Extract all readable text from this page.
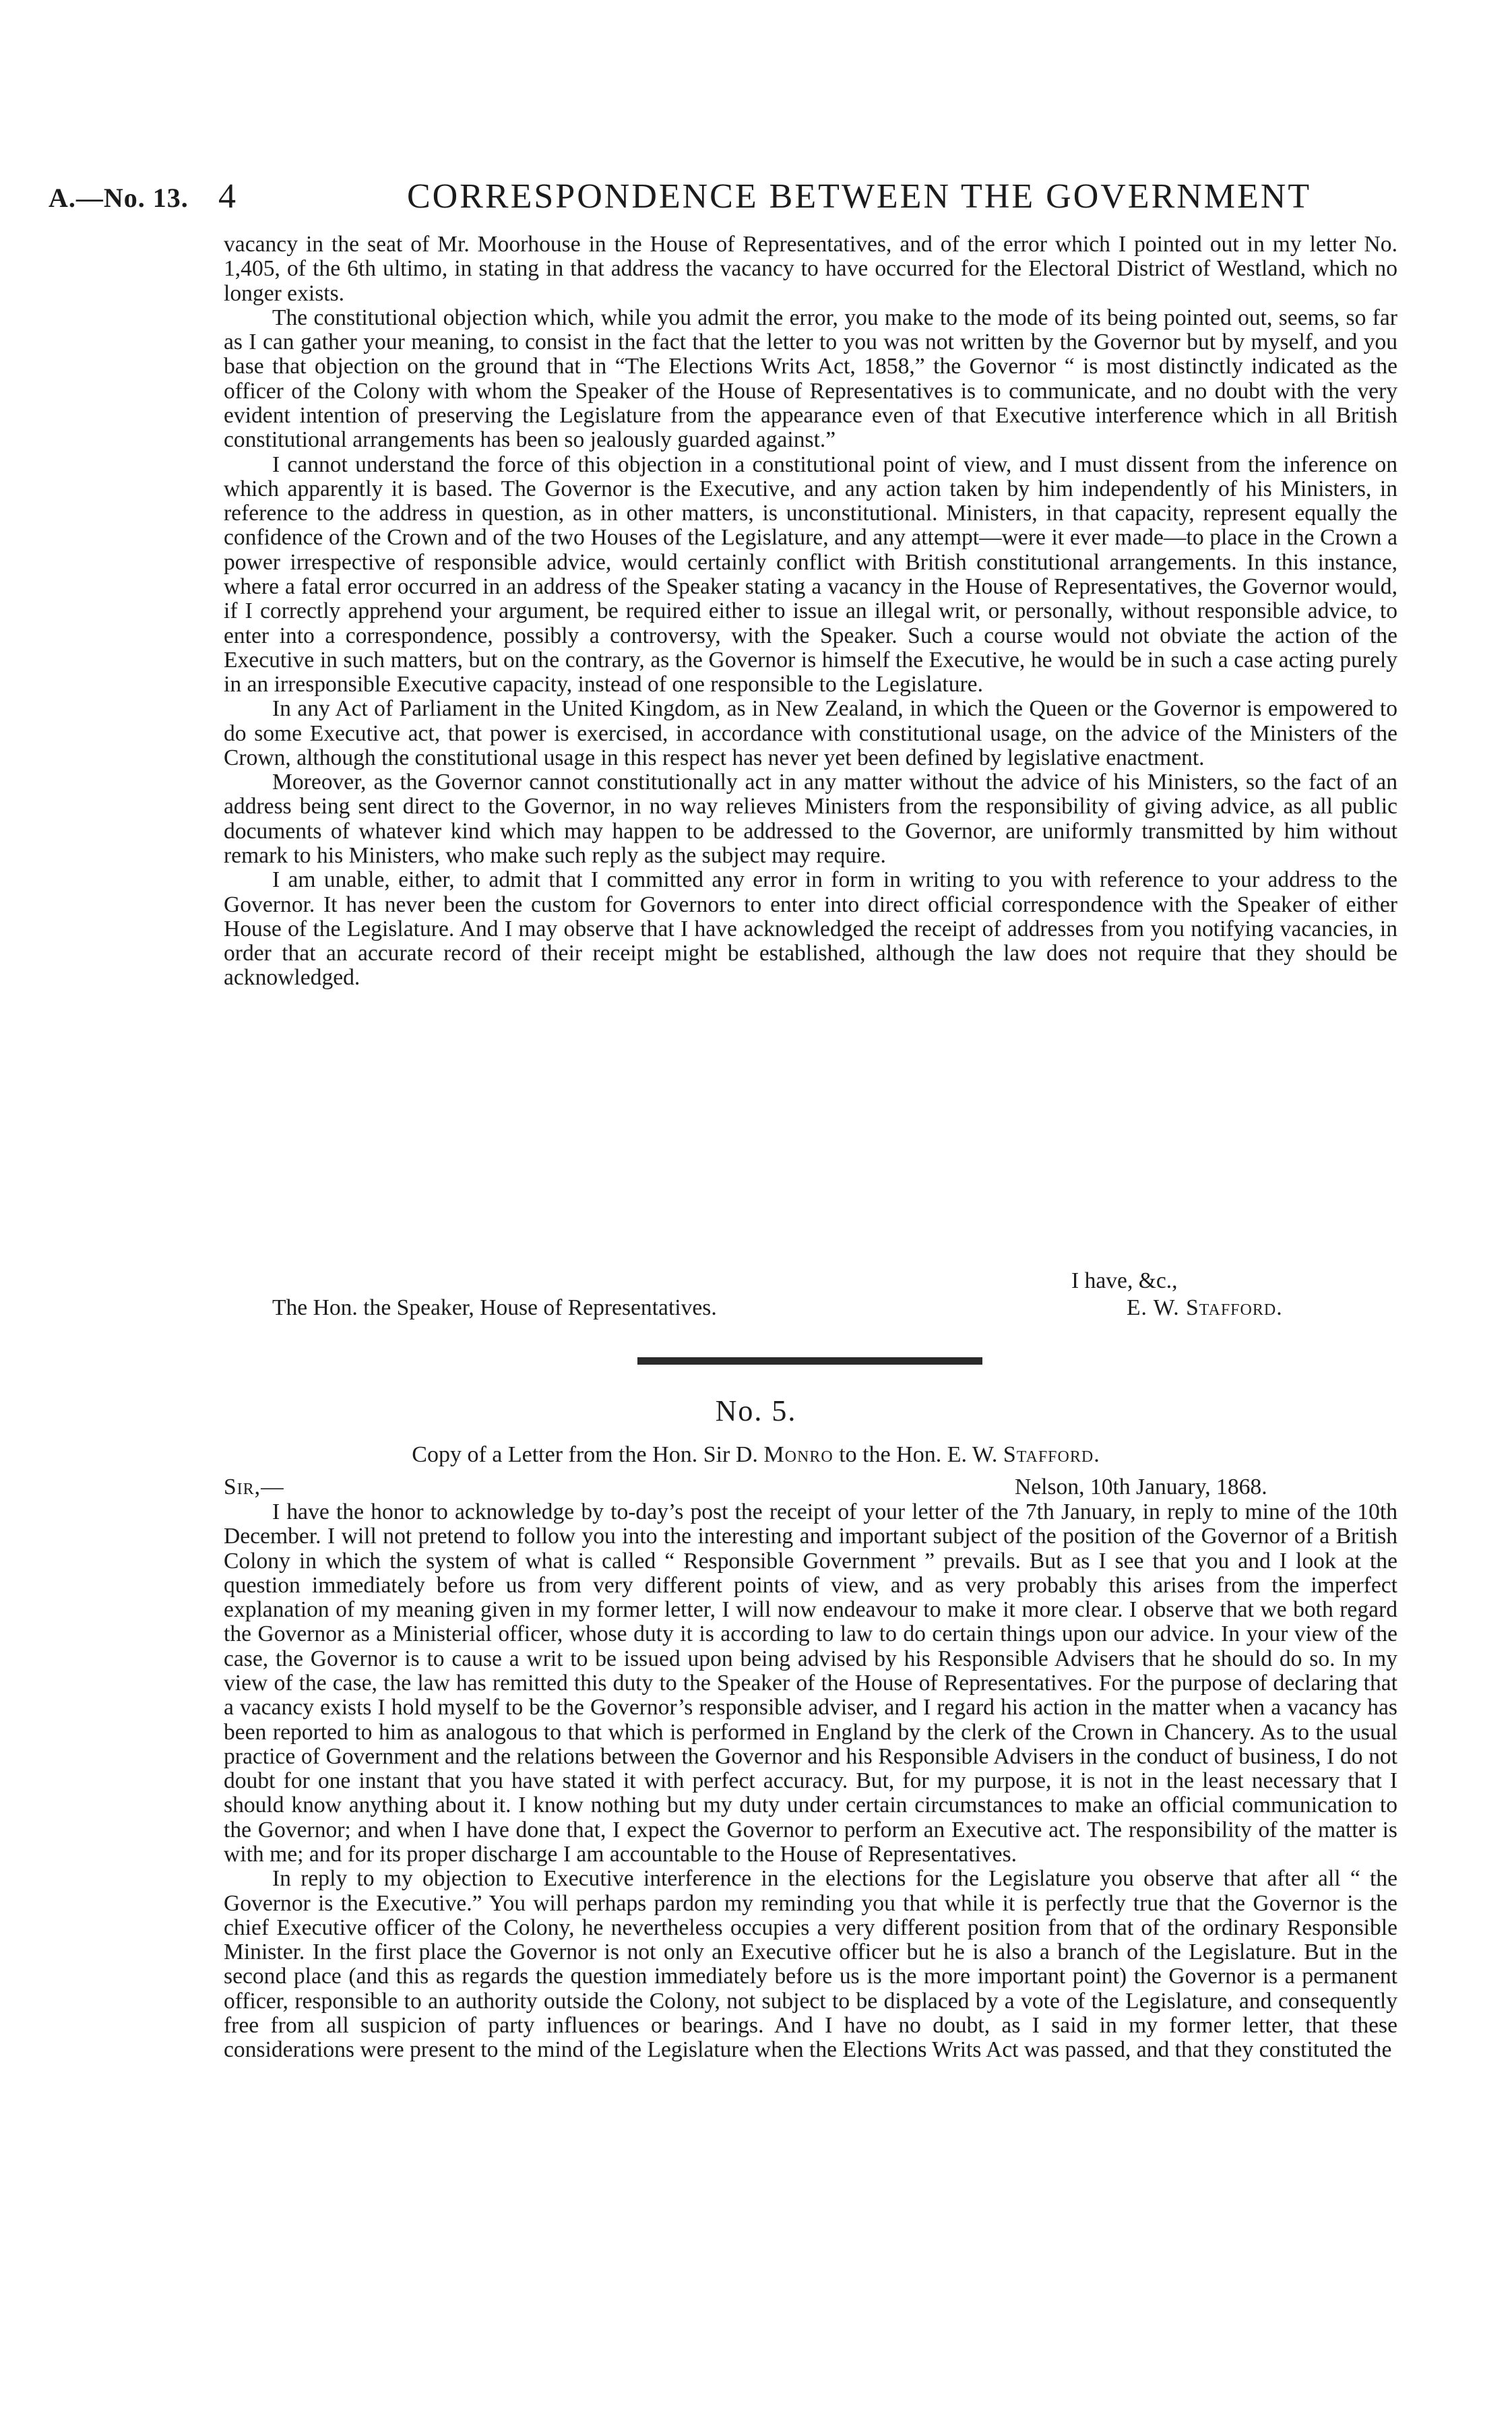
A.—No. 13. 4	CORRESPONDENCE BETWEEN THE GOVERNMENT

vacancy in the seat of Mr. Moorhouse in the House of Representatives, and of the error which I pointed out in my letter No. 1,405, of the 6th ultimo, in stating in that address the vacancy to have occurred for the Electoral District of Westland, which no longer exists.

The constitutional objection which, while you admit the error, you make to the mode of its being pointed out, seems, so far as I can gather your meaning, to consist in the fact that the letter to you was not written by the Governor but by myself, and you base that objection on the ground that in “The Elections Writs Act, 1858,” the Governor “ is most distinctly indicated as the officer of the Colony with whom the Speaker of the House of Representatives is to communicate, and no doubt with the very evident intention of preserving the Legislature from the appearance even of that Executive interference which in all British constitutional arrangements has been so jealously guarded against.”

I cannot understand the force of this objection in a constitutional point of view, and I must dissent from the inference on which apparently it is based. The Governor is the Executive, and any action taken by him independently of his Ministers, in reference to the address in question, as in other matters, is unconstitutional. Ministers, in that capacity, represent equally the confidence of the Crown and of the two Houses of the Legislature, and any attempt—were it ever made—to place in the Crown a power irrespective of responsible advice, would certainly conflict with British constitutional arrangements. In this instance, where a fatal error occurred in an address of the Speaker stating a vacancy in the House of Representatives, the Governor would, if I correctly apprehend your argument, be required either to issue an illegal writ, or personally, without responsible advice, to enter into a correspondence, possibly a controversy, with the Speaker. Such a course would not obviate the action of the Executive in such matters, but on the contrary, as the Governor is himself the Executive, he would be in such a case acting purely in an irresponsible Executive capacity, instead of one responsible to the Legislature.

In any Act of Parliament in the United Kingdom, as in New Zealand, in which the Queen or the Governor is empowered to do some Executive act, that power is exercised, in accordance with constitutional usage, on the advice of the Ministers of the Crown, although the constitutional usage in this respect has never yet been defined by legislative enactment.

Moreover, as the Governor cannot constitutionally act in any matter without the advice of his Ministers, so the fact of an address being sent direct to the Governor, in no way relieves Ministers from the responsibility of giving advice, as all public documents of whatever kind which may happen to be addressed to the Governor, are uniformly transmitted by him without remark to his Ministers, who make such reply as the subject may require.

I am unable, either, to admit that I committed any error in form in writing to you with reference to your address to the Governor. It has never been the custom for Governors to enter into direct official correspondence with the Speaker of either House of the Legislature. And I may observe that I have acknowledged the receipt of addresses from you notifying vacancies, in order that an accurate record of their receipt might be established, although the law does not require that they should be acknowledged.

I have, &c.,
The Hon. the Speaker, House of Representatives.	E. W. Stafford.
No. 5.
Copy of a Letter from the Hon. Sir D. Monro to the Hon. E. W. Stafford.
Sir,—	Nelson, 10th January, 1868.

I have the honor to acknowledge by to-day’s post the receipt of your letter of the 7th January, in reply to mine of the 10th December. I will not pretend to follow you into the interesting and important subject of the position of the Governor of a British Colony in which the system of what is called “ Responsible Government ” prevails. But as I see that you and I look at the question immediately before us from very different points of view, and as very probably this arises from the imperfect explanation of my meaning given in my former letter, I will now endeavour to make it more clear. I observe that we both regard the Governor as a Ministerial officer, whose duty it is according to law to do certain things upon our advice. In your view of the case, the Governor is to cause a writ to be issued upon being advised by his Responsible Advisers that he should do so. In my view of the case, the law has remitted this duty to the Speaker of the House of Representatives. For the purpose of declaring that a vacancy exists I hold myself to be the Governor’s responsible adviser, and I regard his action in the matter when a vacancy has been reported to him as analogous to that which is performed in England by the clerk of the Crown in Chancery. As to the usual practice of Government and the relations between the Governor and his Responsible Advisers in the conduct of business, I do not doubt for one instant that you have stated it with perfect accuracy. But, for my purpose, it is not in the least necessary that I should know anything about it. I know nothing but my duty under certain circumstances to make an official communication to the Governor; and when I have done that, I expect the Governor to perform an Executive act. The responsibility of the matter is with me; and for its proper discharge I am accountable to the House of Representatives.

In reply to my objection to Executive interference in the elections for the Legislature you observe that after all “ the Governor is the Executive.” You will perhaps pardon my reminding you that while it is perfectly true that the Governor is the chief Executive officer of the Colony, he nevertheless occupies a very different position from that of the ordinary Responsible Minister. In the first place the Governor is not only an Executive officer but he is also a branch of the Legislature. But in the second place (and this as regards the question immediately before us is the more important point) the Governor is a permanent officer, responsible to an authority outside the Colony, not subject to be displaced by a vote of the Legislature, and consequently free from all suspicion of party influences or bearings. And I have no doubt, as I said in my former letter, that these considerations were present to the mind of the Legislature when the Elections Writs Act was passed, and that they constituted the
